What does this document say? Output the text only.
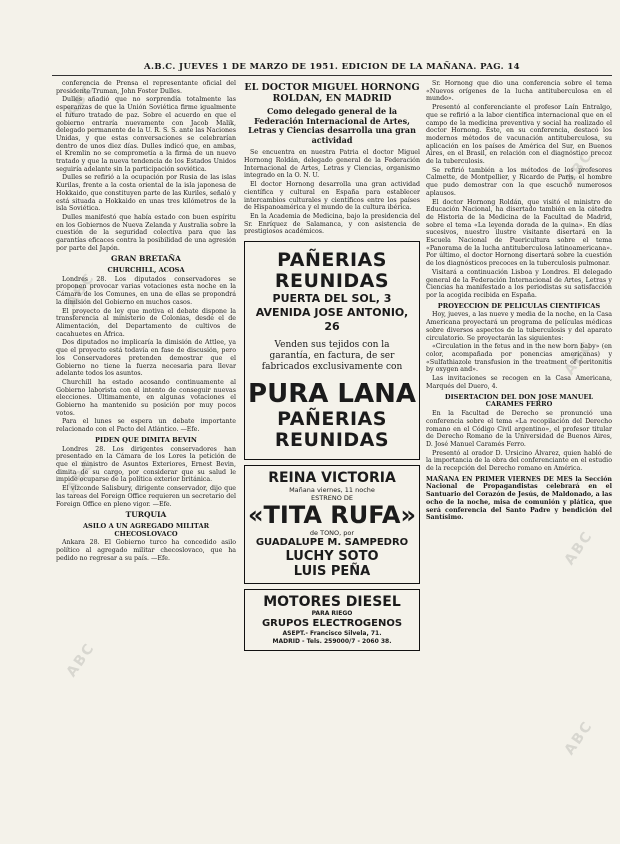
ABC
ABC
ABC
ABC
ABC
ABC
ABC
ABC
A.B.C. JUEVES 1 DE MARZO DE 1951. EDICION DE LA MAÑANA. PAG. 14

conferencia de Prensa el representante oficial del presidente Truman, John Foster Dulles.

Dulles añadió que no sorprendía totalmente las esperanzas de que la Unión Soviética firme igualmente el futuro tratado de paz. Sobre el acuerdo en que el gobierno entraría nuevamente con Jacob Malik, delegado permanente de la U. R. S. S. ante las Naciones Unidas, y que estas conversaciones se celebrarían dentro de unos diez días. Dulles indicó que, en ambas, el Kremlin no se comprometía a la firma de un nuevo tratado y que la nueva tendencia de los Estados Unidos seguiría adelante sin la participación soviética.

Dulles se refirió a la ocupación por Rusia de las islas Kurilas, frente a la costa oriental de la isla japonesa de Hokkaido, que constituyen parte de las Kuriles, señaló y está situada a Hokkaido en unas tres kilómetros de la isla Soviética.

Dulles manifestó que había estado con buen espíritu en los Gobiernos de Nueva Zelanda y Australia sobre la cuestión de la seguridad colectiva para que las garantías eficaces contra la posibilidad de una agresión por parte del Japón.

GRAN BRETAÑA
CHURCHILL, ACOSA

Londres 28. Los diputados conservadores se proponen provocar varias votaciones esta noche en la Cámara de los Comunes, en una de ellas se propondrá la dimisión del Gobierno en muchos casos.

El proyecto de ley que motiva el debate dispone la transferencia al ministerio de Colonias, desde el de Alimentación, del Departamento de cultivos de cacahuetes en África.

Dos diputados no implicaría la dimisión de Attlee, ya que el proyecto está todavía en fase de discusión, pero los Conservadores pretenden demostrar que el Gobierno no tiene la fuerza necesaria para llevar adelante todos los asuntos.

Churchill ha estado acosando continuamente al Gobierno laborista con el intento de conseguir nuevas elecciones. Últimamente, en algunas votaciones el Gobierno ha mantenido su posición por muy pocos votos.

Para el lunes se espera un debate importante relacionado con el Pacto del Atlántico. —Efe.

PIDEN QUE DIMITA BEVIN

Londres 28. Los dirigentes conservadores han presentado en la Cámara de los Lores la petición de que el ministro de Asuntos Exteriores, Ernest Bevin, dimita de su cargo, por considerar que su salud le impide ocuparse de la política exterior británica.

El vizconde Salisbury, dirigente conservador, dijo que las tareas del Foreign Office requieren un secretario del Foreign Office en pleno vigor. —Efe.

TURQUIA
ASILO A UN AGREGADO MILITAR CHECOSLOVACO

Ankara 28. El Gobierno turco ha concedido asilo político al agregado militar checoslovaco, que ha pedido no regresar a su país. —Efe.

EL DOCTOR MIGUEL HORNONG ROLDAN, EN MADRID
Como delegado general de la Federación Internacional de Artes, Letras y Ciencias desarrolla una gran actividad

Se encuentra en nuestra Patria el doctor Miguel Hornong Roldán, delegado general de la Federación Internacional de Artes, Letras y Ciencias, organismo integrado en la O. N. U.

El doctor Hornong desarrolla una gran actividad científica y cultural en España para establecer intercambios culturales y científicos entre los países de Hispanoamérica y el mundo de la cultura ibérica.

En la Academia de Medicina, bajo la presidencia del Sr. Enríquez de Salamanca, y con asistencia de prestigiosos académicos.

PAÑERIAS REUNIDAS
PUERTA DEL SOL, 3
AVENIDA JOSE ANTONIO, 26
Venden sus tejidos con la garantía, en factura, de ser fabricados exclusivamente con
PURA LANA
PAÑERIAS REUNIDAS
REINA VICTORIA
Mañana viernes, 11 noche
ESTRENO DE
«TITA RUFA»
de TONO, por
GUADALUPE M. SAMPEDRO
LUCHY SOTO
LUIS PEÑA
MOTORES DIESEL
PARA RIEGO
GRUPOS ELECTROGENOS
ASEPT.- Francisco Silvela, 71.
MADRID - Tels. 259000/7 - 2060 38.

Sr. Hornong que dio una conferencia sobre el tema «Nuevos orígenes de la lucha antituberculosa en el mundo».

Presentó al conferenciante el profesor Laín Entralgo, que se refirió a la labor científica internacional que en el campo de la medicina preventiva y social ha realizado el doctor Hornong. Éste, en su conferencia, destacó los modernos métodos de vacunación antituberculosa, su aplicación en los países de América del Sur, en Buenos Aires, en el Brasil, en relación con el diagnóstico precoz de la tuberculosis.

Se refirió también a los métodos de los profesores Calmette, de Montpellier, y Ricardo de Paris, el hombre que pudo demostrar con la que escuchó numerosos aplausos.

El doctor Hornong Roldán, que visitó el ministro de Educación Nacional, ha disertado también en la cátedra de Historia de la Medicina de la Facultad de Madrid, sobre el tema «La leyenda dorada de la quina». En días sucesivos, nuestro ilustre visitante disertará en la Escuela Nacional de Puericultura sobre el tema «Panorama de la lucha antituberculosa latinoamericana». Por último, el doctor Hornong disertará sobre la cuestión de los diagnósticos precoces en la tuberculosis pulmonar.

Visitará a continuación Lisboa y Londres. El delegado general de la Federación Internacional de Artes, Letras y Ciencias ha manifestado a los periodistas su satisfacción por la acogida recibida en España.

PROYECCION DE PELICULAS CIENTIFICAS

Hoy, jueves, a las nueve y media de la noche, en la Casa Americana proyectará un programa de películas médicas sobre diversos aspectos de la tuberculosis y del aparato circulatorio. Se proyectarán las siguientes:

«Circulation in the fetus and in the new born baby» (en color, acompañada por ponencias americanas) y «Sulfathiazole transfusion in the treatment of peritonitis by oxygen and».

Las invitaciones se recogen en la Casa Americana, Marqués del Duero, 4.

DISERTACION DEL DON JOSE MANUEL CARAMES FERRO

En la Facultad de Derecho se pronunció una conferencia sobre el tema «La recopilación del Derecho romano en el Código Civil argentino», el profesor titular de Derecho Romano de la Universidad de Buenos Aires, D. José Manuel Caramés Ferro.

Presentó al orador D. Ursicino Álvarez, quien habló de la importancia de la obra del conferenciante en el estudio de la recepción del Derecho romano en América.

MAÑANA EN PRIMER VIERNES DE MES la Sección Nacional de Propagandistas celebrará en el Santuario del Corazón de Jesús, de Maldonado, a las ocho de la noche, misa de comunión y plática, que será conferencia del Santo Padre y bendición del Santísimo.
